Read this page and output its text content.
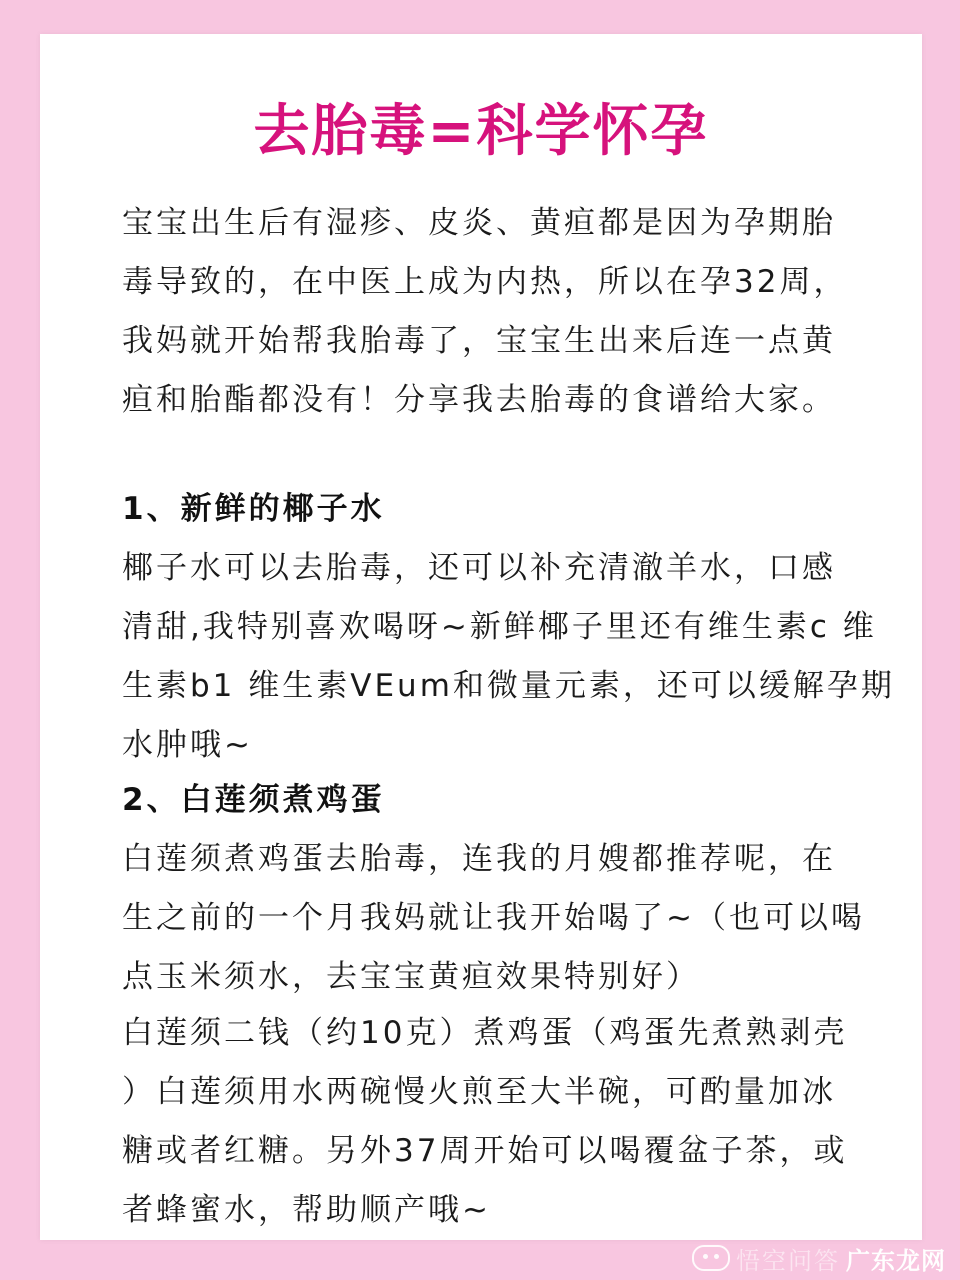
去胎毒=科学怀孕

宝宝出生后有湿疹、皮炎、黄疸都是因为孕期胎
毒导致的，在中医上成为内热，所以在孕32周，
我妈就开始帮我胎毒了，宝宝生出来后连一点黄
疸和胎酯都没有！分享我去胎毒的食谱给大家。

1、新鲜的椰子水

椰子水可以去胎毒，还可以补充清澈羊水，口感
清甜,我特别喜欢喝呀~新鲜椰子里还有维生素c 维
生素b1 维生素VEum和微量元素，还可以缓解孕期
水肿哦~

2、白莲须煮鸡蛋

白莲须煮鸡蛋去胎毒，连我的月嫂都推荐呢，在
生之前的一个月我妈就让我开始喝了~（也可以喝
点玉米须水，去宝宝黄疸效果特别好）

白莲须二钱（约10克）煮鸡蛋（鸡蛋先煮熟剥壳
）白莲须用水两碗慢火煎至大半碗，可酌量加冰
糖或者红糖。另外37周开始可以喝覆盆子茶，或
者蜂蜜水，帮助顺产哦~

悟空问答 广东龙网
